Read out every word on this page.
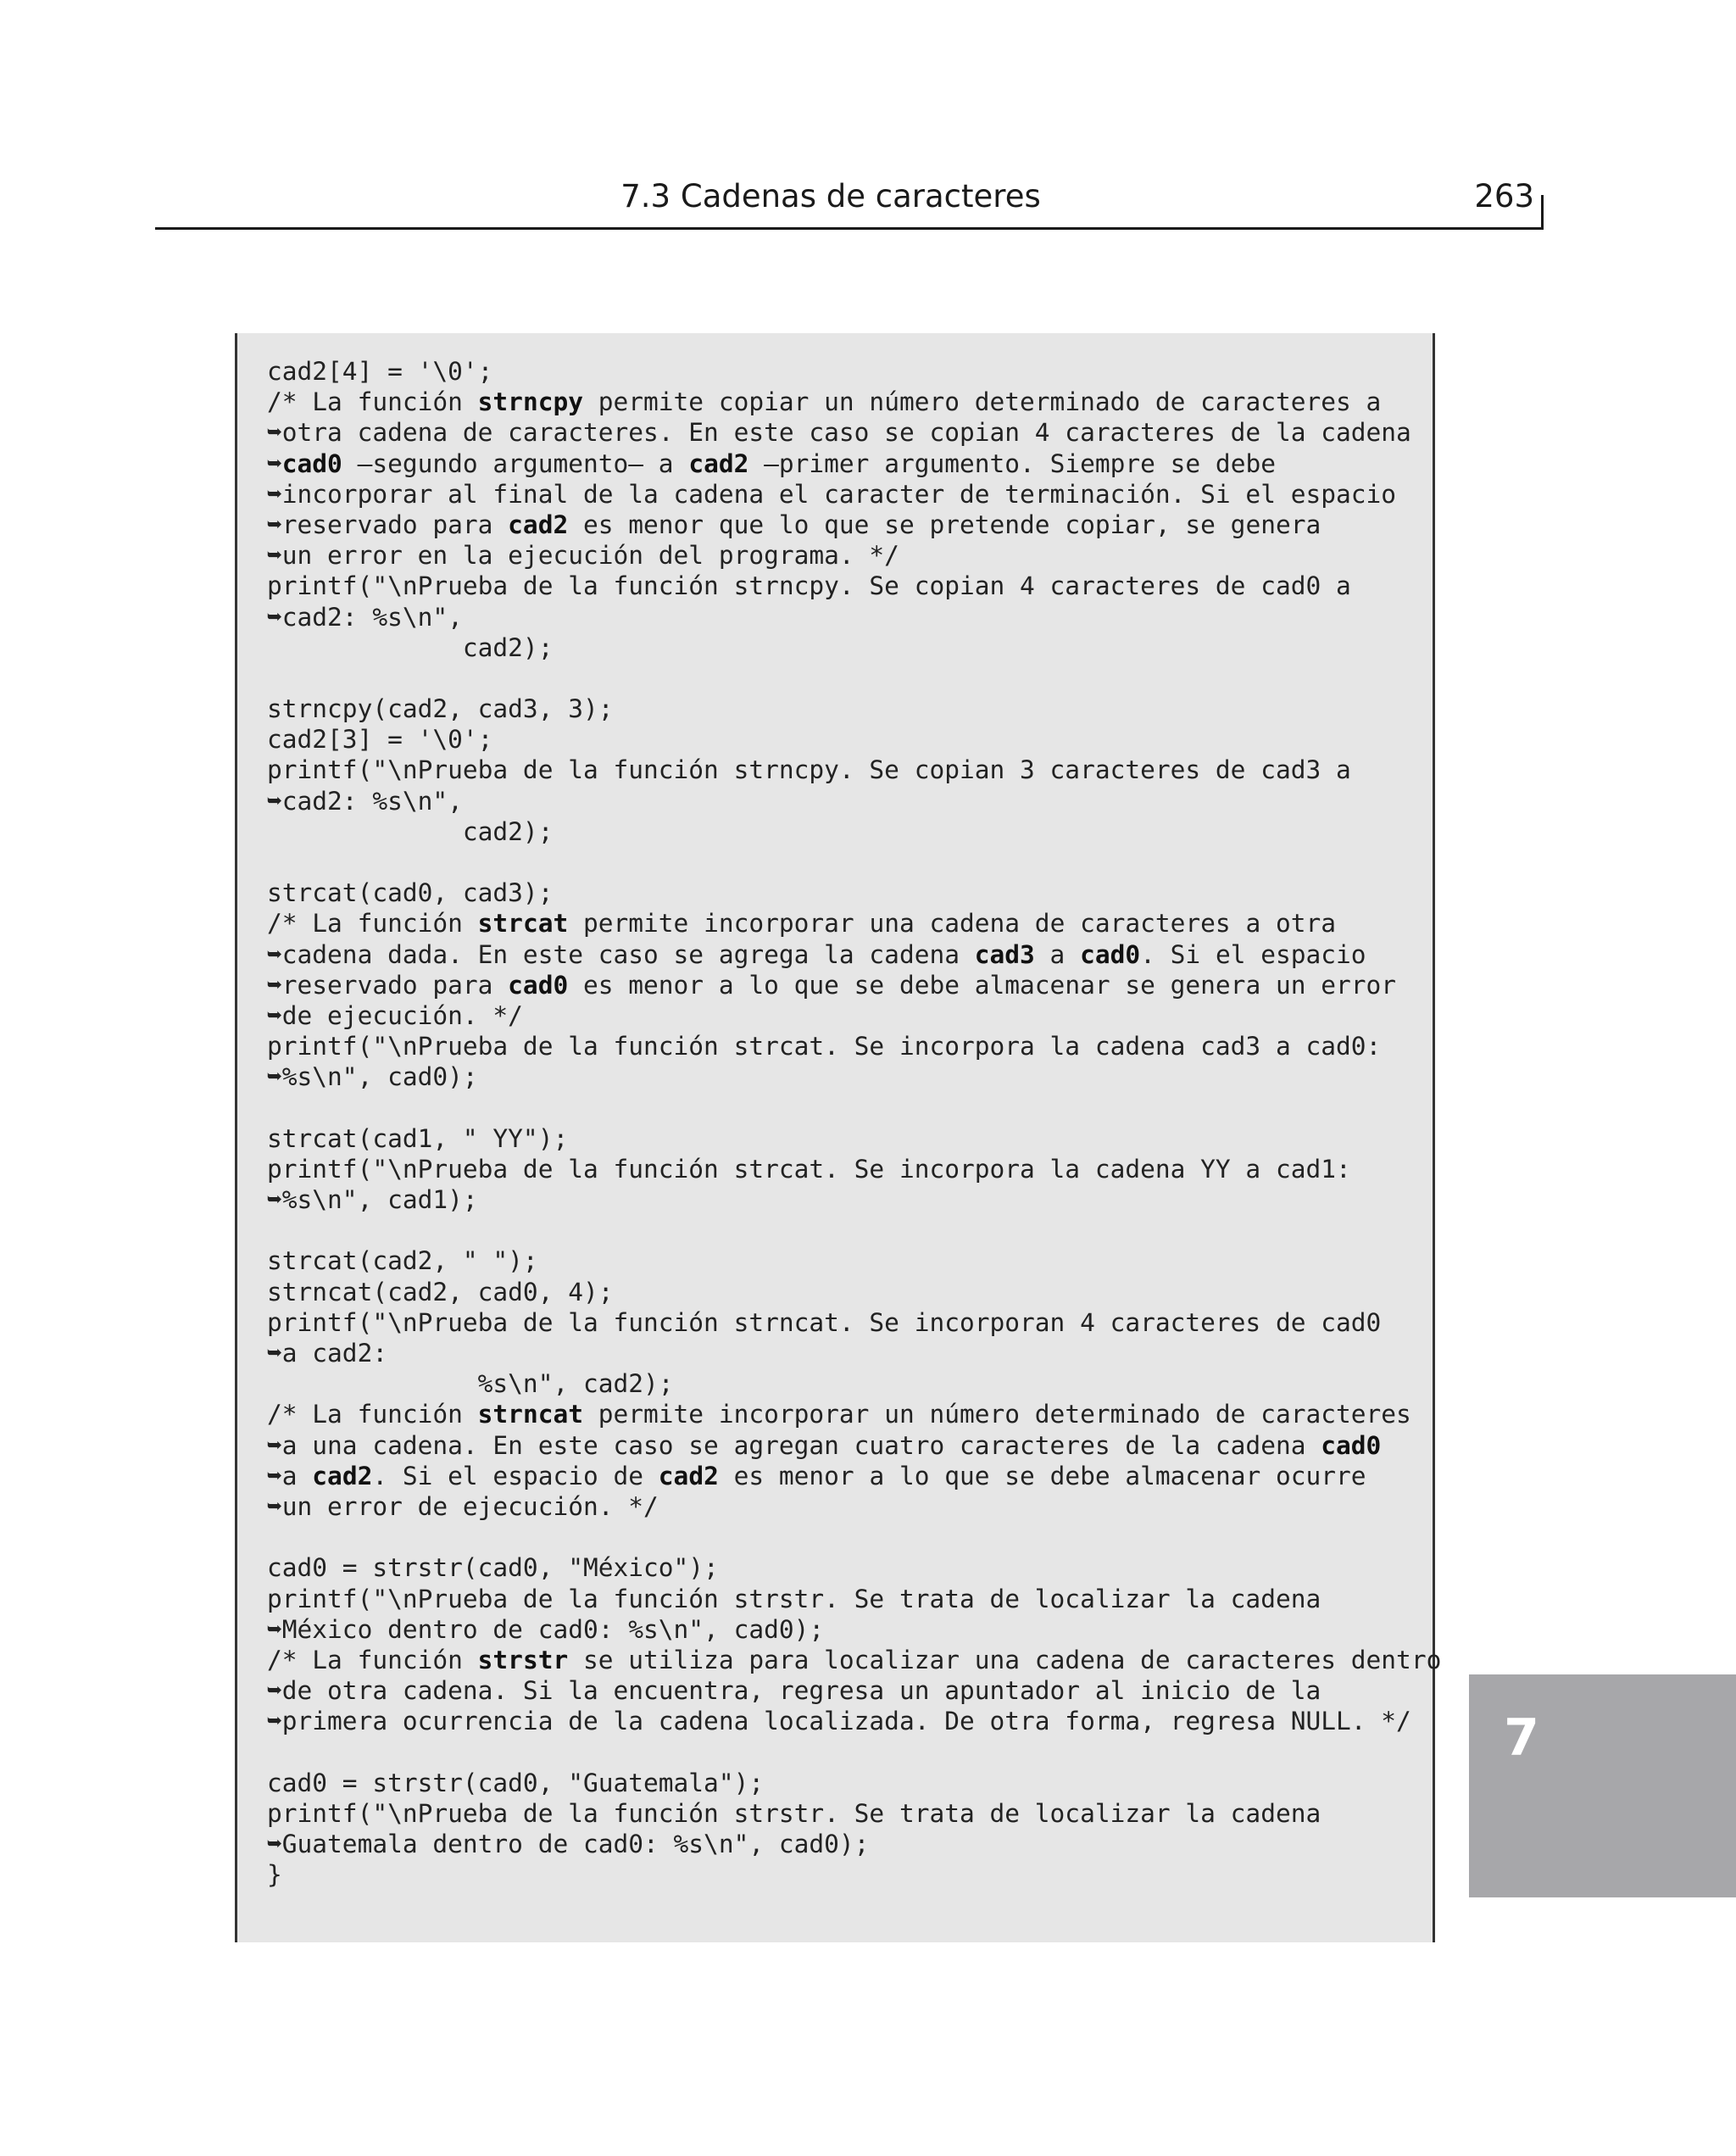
7.3 Cadenas de caracteres	263
cad2[4] = '\0';
/* La función strncpy permite copiar un número determinado de caracteres a
➥otra cadena de caracteres. En este caso se copian 4 caracteres de la cadena
➥cad0 —segundo argumento— a cad2 —primer argumento. Siempre se debe
➥incorporar al final de la cadena el caracter de terminación. Si el espacio
➥reservado para cad2 es menor que lo que se pretende copiar, se genera
➥un error en la ejecución del programa. */
printf("\nPrueba de la función strncpy. Se copian 4 caracteres de cad0 a
➥cad2: %s\n",
cad2);
strncpy(cad2, cad3, 3);
cad2[3] = '\0';
printf("\nPrueba de la función strncpy. Se copian 3 caracteres de cad3 a
➥cad2: %s\n",
cad2);
strcat(cad0, cad3);
/* La función strcat permite incorporar una cadena de caracteres a otra
➥cadena dada. En este caso se agrega la cadena cad3 a cad0. Si el espacio
➥reservado para cad0 es menor a lo que se debe almacenar se genera un error
➥de ejecución. */
printf("\nPrueba de la función strcat. Se incorpora la cadena cad3 a cad0:
➥%s\n", cad0);
strcat(cad1, " YY");
printf("\nPrueba de la función strcat. Se incorpora la cadena YY a cad1:
➥%s\n", cad1);
strcat(cad2, " ");
strncat(cad2, cad0, 4);
printf("\nPrueba de la función strncat. Se incorporan 4 caracteres de cad0
➥a cad2:
%s\n", cad2);
/* La función strncat permite incorporar un número determinado de caracteres
➥a una cadena. En este caso se agregan cuatro caracteres de la cadena cad0
➥a cad2. Si el espacio de cad2 es menor a lo que se debe almacenar ocurre
➥un error de ejecución. */
cad0 = strstr(cad0, "México");
printf("\nPrueba de la función strstr. Se trata de localizar la cadena
➥México dentro de cad0: %s\n", cad0);
/* La función strstr se utiliza para localizar una cadena de caracteres dentro
➥de otra cadena. Si la encuentra, regresa un apuntador al inicio de la
➥primera ocurrencia de la cadena localizada. De otra forma, regresa NULL. */
cad0 = strstr(cad0, "Guatemala");
printf("\nPrueba de la función strstr. Se trata de localizar la cadena
➥Guatemala dentro de cad0: %s\n", cad0);
}
7
